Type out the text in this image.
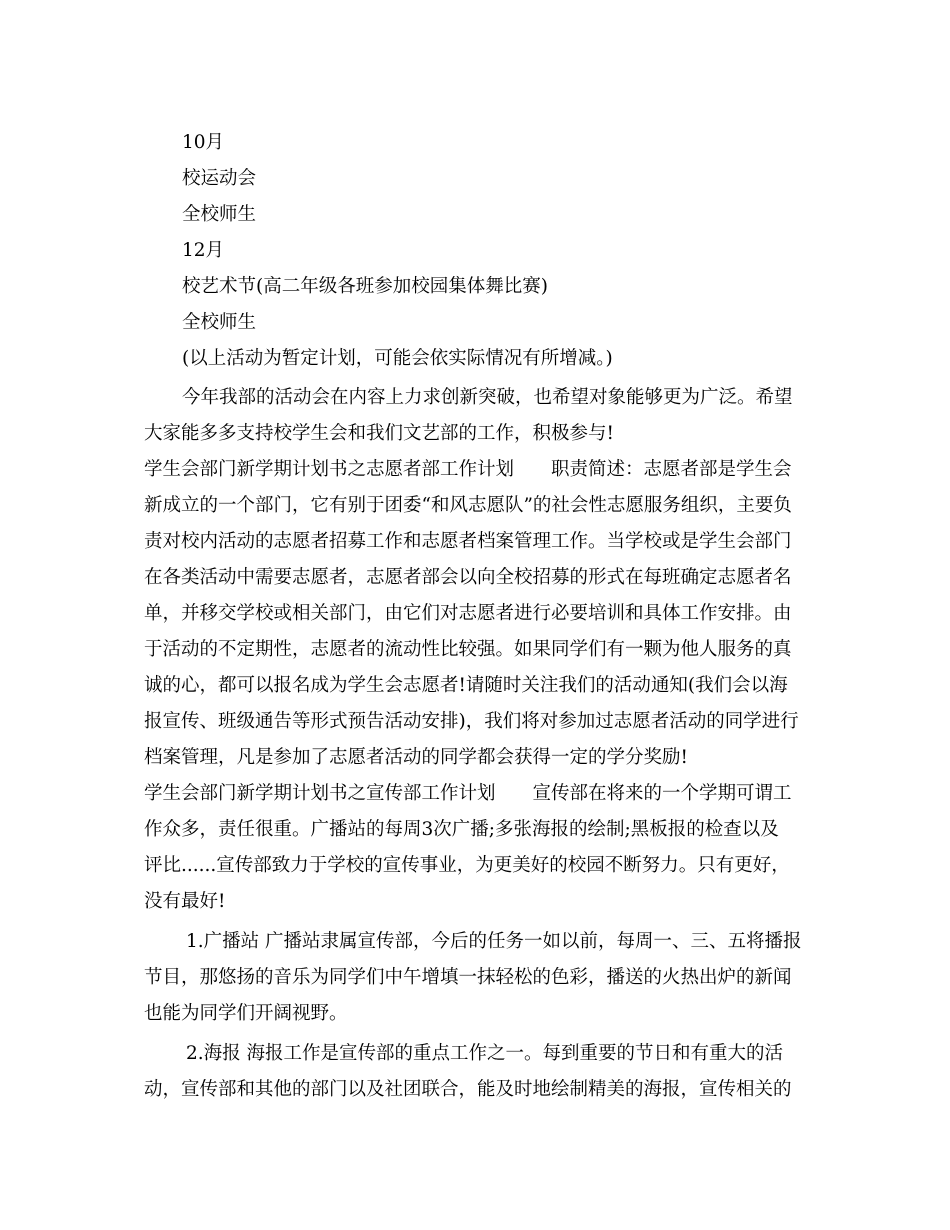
10月
校运动会
全校师生
12月
校艺术节(高二年级各班参加校园集体舞比赛)
全校师生
(以上活动为暂定计划，可能会依实际情况有所增减。)
今年我部的活动会在内容上力求创新突破，也希望对象能够更为广泛。希望
大家能多多支持校学生会和我们文艺部的工作，积极参与!
学生会部门新学期计划书之志愿者部工作计划　　职责简述：志愿者部是学生会
新成立的一个部门，它有别于团委“和风志愿队”的社会性志愿服务组织，主要负
责对校内活动的志愿者招募工作和志愿者档案管理工作。当学校或是学生会部门
在各类活动中需要志愿者，志愿者部会以向全校招募的形式在每班确定志愿者名
单，并移交学校或相关部门，由它们对志愿者进行必要培训和具体工作安排。由
于活动的不定期性，志愿者的流动性比较强。如果同学们有一颗为他人服务的真
诚的心，都可以报名成为学生会志愿者!请随时关注我们的活动通知(我们会以海
报宣传、班级通告等形式预告活动安排)，我们将对参加过志愿者活动的同学进行
档案管理，凡是参加了志愿者活动的同学都会获得一定的学分奖励!
学生会部门新学期计划书之宣传部工作计划　　宣传部在将来的一个学期可谓工
作众多，责任很重。广播站的每周3次广播;多张海报的绘制;黑板报的检查以及
评比......宣传部致力于学校的宣传事业，为更美好的校园不断努力。只有更好，
没有最好!
1.广播站 广播站隶属宣传部，今后的任务一如以前，每周一、三、五将播报
节目，那悠扬的音乐为同学们中午增填一抹轻松的色彩，播送的火热出炉的新闻
也能为同学们开阔视野。
2.海报 海报工作是宣传部的重点工作之一。每到重要的节日和有重大的活
动，宣传部和其他的部门以及社团联合，能及时地绘制精美的海报，宣传相关的
